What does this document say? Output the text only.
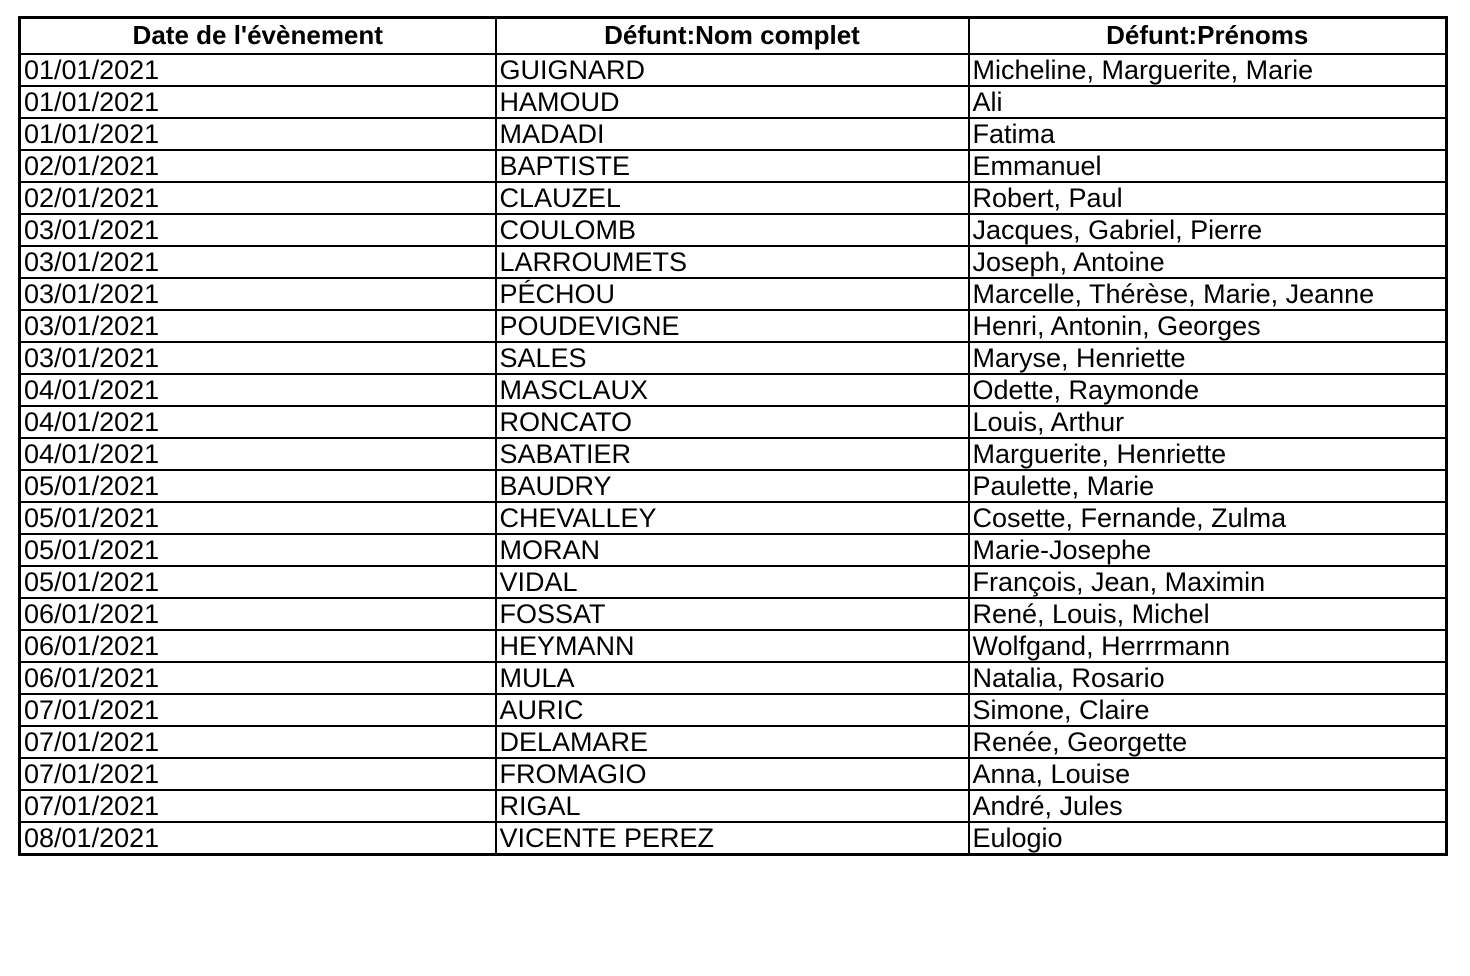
Date de l'évènement	Défunt:Nom complet	Défunt:Prénoms
01/01/2021	GUIGNARD	Micheline, Marguerite, Marie
01/01/2021	HAMOUD	Ali
01/01/2021	MADADI	Fatima
02/01/2021	BAPTISTE	Emmanuel
02/01/2021	CLAUZEL	Robert, Paul
03/01/2021	COULOMB	Jacques, Gabriel, Pierre
03/01/2021	LARROUMETS	Joseph, Antoine
03/01/2021	PÉCHOU	Marcelle, Thérèse, Marie, Jeanne
03/01/2021	POUDEVIGNE	Henri, Antonin, Georges
03/01/2021	SALES	Maryse, Henriette
04/01/2021	MASCLAUX	Odette, Raymonde
04/01/2021	RONCATO	Louis, Arthur
04/01/2021	SABATIER	Marguerite, Henriette
05/01/2021	BAUDRY	Paulette, Marie
05/01/2021	CHEVALLEY	Cosette, Fernande, Zulma
05/01/2021	MORAN	Marie-Josephe
05/01/2021	VIDAL	François, Jean, Maximin
06/01/2021	FOSSAT	René, Louis, Michel
06/01/2021	HEYMANN	Wolfgand, Herrrmann
06/01/2021	MULA	Natalia, Rosario
07/01/2021	AURIC	Simone, Claire
07/01/2021	DELAMARE	Renée, Georgette
07/01/2021	FROMAGIO	Anna, Louise
07/01/2021	RIGAL	André, Jules
08/01/2021	VICENTE PEREZ	Eulogio
